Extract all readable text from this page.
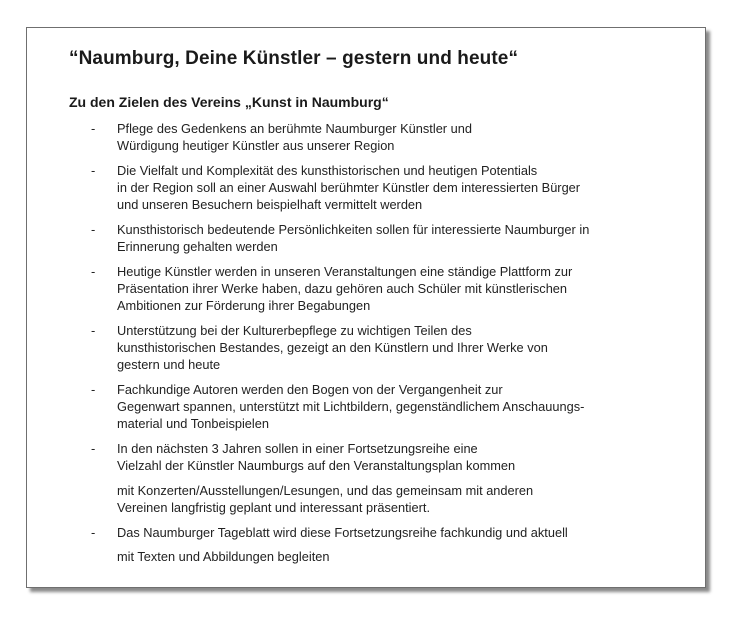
“Naumburg, Deine Künstler – gestern und heute“
Zu den Zielen des Vereins „Kunst in Naumburg“
- Pflege des Gedenkens an berühmte Naumburger Künstler und
Würdigung heutiger Künstler aus unserer Region
- Die Vielfalt und Komplexität des kunsthistorischen und heutigen Potentials
in der Region soll an einer Auswahl berühmter Künstler dem interessierten Bürger
und unseren Besuchern beispielhaft vermittelt werden
- Kunsthistorisch bedeutende Persönlichkeiten sollen für interessierte Naumburger in
Erinnerung gehalten werden
- Heutige Künstler werden in unseren Veranstaltungen eine ständige Plattform zur
Präsentation ihrer Werke haben, dazu gehören auch Schüler mit künstlerischen
Ambitionen zur Förderung ihrer Begabungen
- Unterstützung bei der Kulturerbepflege zu wichtigen Teilen des
kunsthistorischen Bestandes, gezeigt an den Künstlern und Ihrer Werke von
gestern und heute
- Fachkundige Autoren werden den Bogen von der Vergangenheit zur
Gegenwart spannen, unterstützt mit Lichtbildern, gegenständlichem Anschauungs-
material und Tonbeispielen
- In den nächsten 3 Jahren sollen in einer Fortsetzungsreihe eine
Vielzahl der Künstler Naumburgs auf den Veranstaltungsplan kommen
mit Konzerten/Ausstellungen/Lesungen, und das gemeinsam mit anderen
Vereinen langfristig geplant und interessant präsentiert.
- Das Naumburger Tageblatt wird diese Fortsetzungsreihe fachkundig und aktuell
mit Texten und Abbildungen begleiten
